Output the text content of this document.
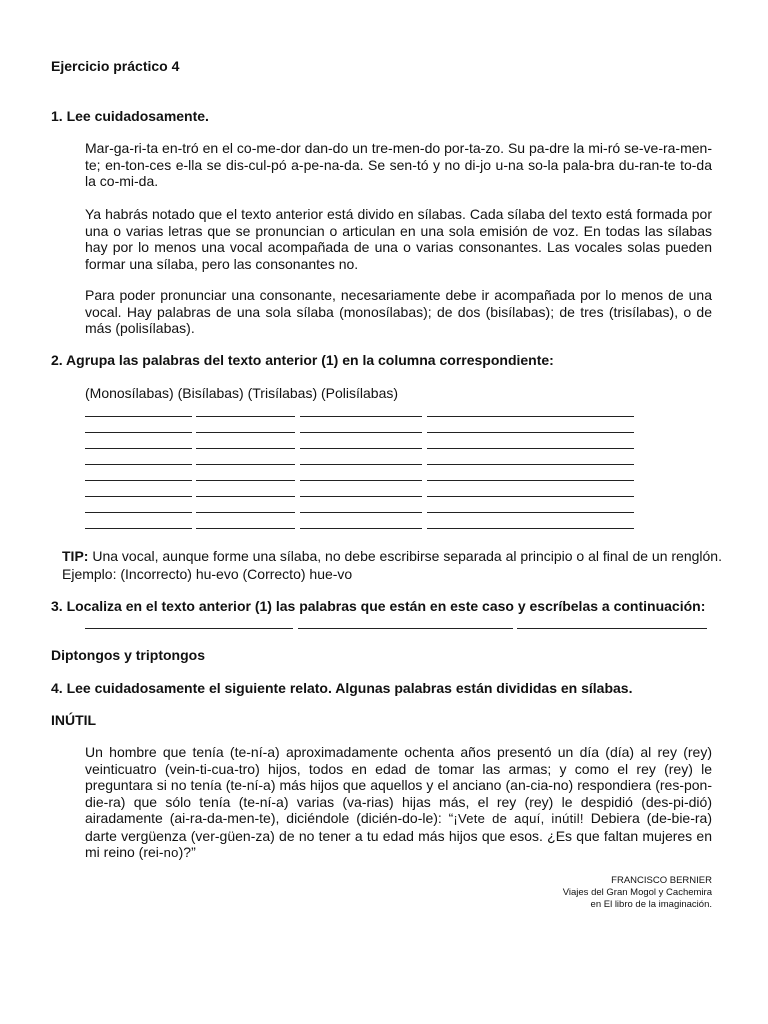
Ejercicio práctico 4
1. Lee cuidadosamente.

Mar-ga-ri-ta en-tró en el co-me-dor dan-do un tre-men-do por-ta-zo. Su pa-dre la mi-ró se-ve-ra-men-te; en-ton-ces e-lla se dis-cul-pó a-pe-na-da. Se sen-tó y no di-jo u-na so-la pala-bra du-ran-te to-da la co-mi-da.

Ya habrás notado que el texto anterior está divido en sílabas. Cada sílaba del texto está formada por una o varias letras que se pronuncian o articulan en una sola emisión de voz. En todas las sílabas hay por lo menos una vocal acompañada de una o varias consonantes. Las vocales solas pueden formar una sílaba, pero las consonantes no.

Para poder pronunciar una consonante, necesariamente debe ir acompañada por lo menos de una vocal. Hay palabras de una sola sílaba (monosílabas); de dos (bisílabas); de tres (trisílabas), o de más (polisílabas).

2. Agrupa las palabras del texto anterior (1) en la columna correspondiente:
(Monosílabas) (Bisílabas) (Trisílabas) (Polisílabas)
TIP: Una vocal, aunque forme una sílaba, no debe escribirse separada al principio o al final de un renglón.
Ejemplo: (Incorrecto) hu-evo (Correcto) hue-vo
3. Localiza en el texto anterior (1) las palabras que están en este caso y escríbelas a continuación:
Diptongos y triptongos
4. Lee cuidadosamente el siguiente relato. Algunas palabras están divididas en sílabas.
INÚTIL

Un hombre que tenía (te-ní-a) aproximadamente ochenta años presentó un día (día) al rey (rey) veinticuatro (vein-ti-cua-tro) hijos, todos en edad de tomar las armas; y como el rey (rey) le preguntara si no tenía (te-ní-a) más hijos que aquellos y el anciano (an-cia-no) respondiera (res-pon-die-ra) que sólo tenía (te-ní-a) varias (va-rias) hijas más, el rey (rey) le despidió (des-pi-dió) airadamente (ai-ra-da-men-te), diciéndole (dicién-do-le): “¡Vete de aquí, inútil! Debiera (de-bie-ra) darte vergüenza (ver-güen-za) de no tener a tu edad más hijos que esos. ¿Es que faltan mujeres en mi reino (rei-no)?”

FRANCISCO BERNIER
Viajes del Gran Mogol y Cachemira
en El libro de la imaginación.
